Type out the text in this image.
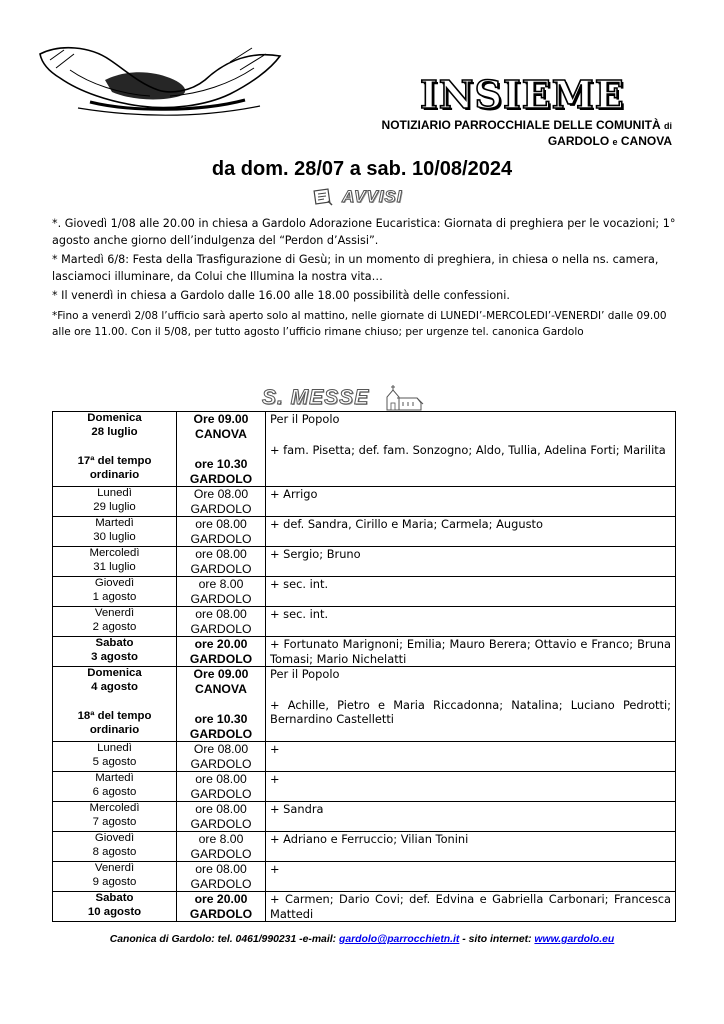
INSIEME
NOTIZIARIO PARROCCHIALE DELLE COMUNITÀ di
GARDOLO e CANOVA
da dom. 28/07 a sab. 10/08/2024
AVVISI

*. Giovedì 1/08 alle 20.00 in chiesa a Gardolo Adorazione Eucaristica: Giornata di preghiera per le vocazioni; 1° agosto anche giorno dell’indulgenza del “Perdon d’Assisi”.

* Martedì 6/8: Festa della Trasfigurazione di Gesù; in un momento di preghiera, in chiesa o nella ns. camera, lasciamoci illuminare, da Colui che Illumina la nostra vita…

* Il venerdì in chiesa a Gardolo dalle 16.00 alle 18.00 possibilità delle confessioni.

*Fino a venerdì 2/08 l’ufficio sarà aperto solo al mattino, nelle giornate di LUNEDI’-MERCOLEDI’-VENERDI’ dalle 09.00 alle ore 11.00. Con il 5/08, per tutto agosto l’ufficio rimane chiuso; per urgenze tel. canonica Gardolo

S. MESSE
Domenica
28 luglio
17ª del tempo
ordinario	Ore 09.00
CANOVA
ore 10.30
GARDOLO	Per il Popolo
+ fam. Pisetta; def. fam. Sonzogno; Aldo, Tullia, Adelina Forti; Marilita

Lunedì
29 luglio	Ore 08.00
GARDOLO	+ Arrigo

Martedì
30 luglio	ore 08.00
GARDOLO	+ def. Sandra, Cirillo e Maria; Carmela; Augusto

Mercoledì
31 luglio	ore 08.00
GARDOLO	+ Sergio; Bruno

Giovedì
1 agosto	ore 8.00
GARDOLO	+ sec. int.

Venerdì
2 agosto	ore 08.00
GARDOLO	+ sec. int.

Sabato
3 agosto	ore 20.00
GARDOLO	+ Fortunato Marignoni; Emilia; Mauro Berera; Ottavio e Franco; Bruna Tomasi; Mario Nichelatti

Domenica
4 agosto
18ª del tempo
ordinario	Ore 09.00
CANOVA
ore 10.30
GARDOLO	Per il Popolo
+ Achille, Pietro e Maria Riccadonna; Natalina; Luciano Pedrotti; Bernardino Castelletti

Lunedì
5 agosto	Ore 08.00
GARDOLO	+

Martedì
6 agosto	ore 08.00
GARDOLO	+

Mercoledì
7 agosto	ore 08.00
GARDOLO	+ Sandra

Giovedì
8 agosto	ore 8.00
GARDOLO	+ Adriano e Ferruccio; Vilian Tonini

Venerdì
9 agosto	ore 08.00
GARDOLO	+

Sabato
10 agosto	ore 20.00
GARDOLO	+ Carmen; Dario Covi; def. Edvina e Gabriella Carbonari; Francesca Mattedi
Canonica di Gardolo: tel. 0461/990231 -e-mail: gardolo@parrocchietn.it - sito internet: www.gardolo.eu
